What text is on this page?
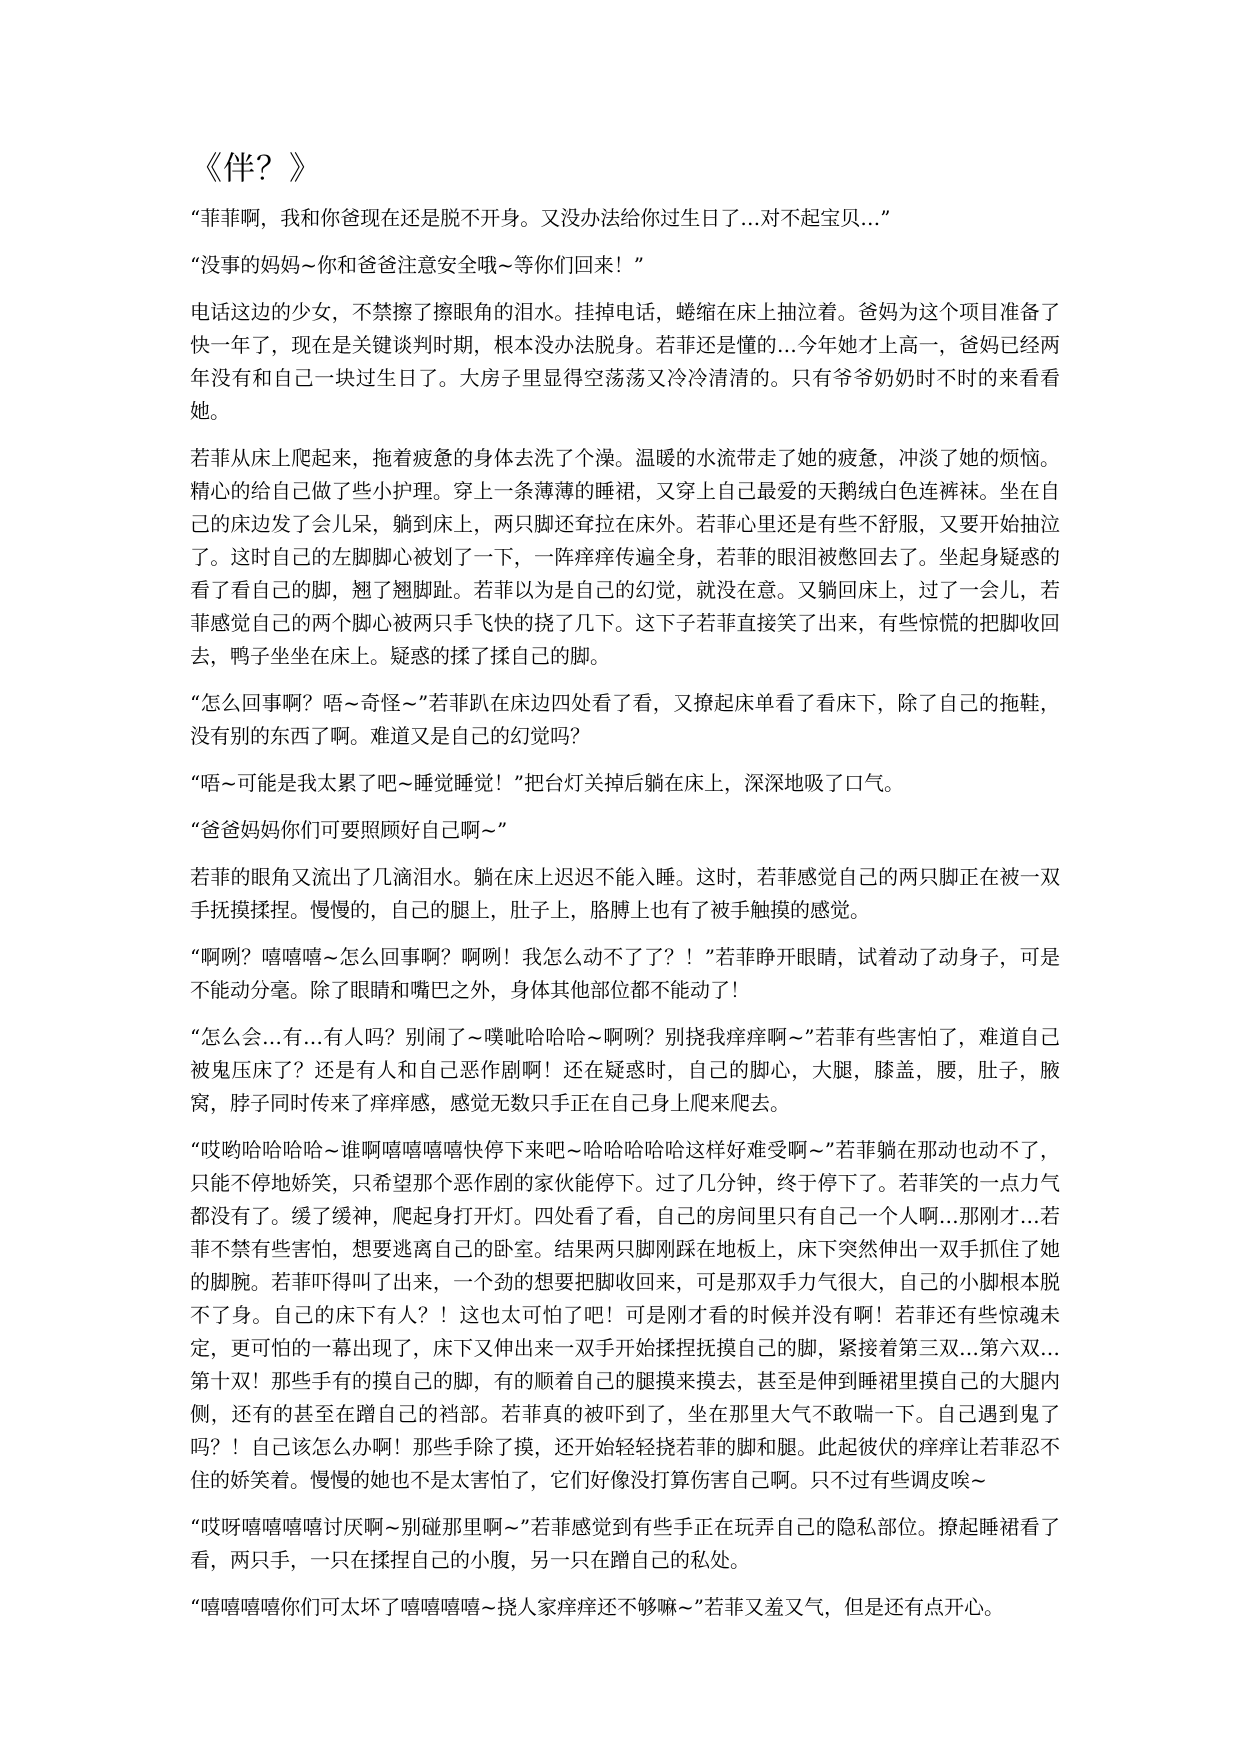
《伴？》

“菲菲啊，我和你爸现在还是脱不开身。又没办法给你过生日了…对不起宝贝…”

“没事的妈妈~你和爸爸注意安全哦~等你们回来！”

电话这边的少女，不禁擦了擦眼角的泪水。挂掉电话，蜷缩在床上抽泣着。爸妈为这个项目准备了快一年了，现在是关键谈判时期，根本没办法脱身。若菲还是懂的…今年她才上高一，爸妈已经两年没有和自己一块过生日了。大房子里显得空荡荡又冷冷清清的。只有爷爷奶奶时不时的来看看她。

若菲从床上爬起来，拖着疲惫的身体去洗了个澡。温暖的水流带走了她的疲惫，冲淡了她的烦恼。精心的给自己做了些小护理。穿上一条薄薄的睡裙，又穿上自己最爱的天鹅绒白色连裤袜。坐在自己的床边发了会儿呆，躺到床上，两只脚还耷拉在床外。若菲心里还是有些不舒服，又要开始抽泣了。这时自己的左脚脚心被划了一下，一阵痒痒传遍全身，若菲的眼泪被憋回去了。坐起身疑惑的看了看自己的脚，翘了翘脚趾。若菲以为是自己的幻觉，就没在意。又躺回床上，过了一会儿，若菲感觉自己的两个脚心被两只手飞快的挠了几下。这下子若菲直接笑了出来，有些惊慌的把脚收回去，鸭子坐坐在床上。疑惑的揉了揉自己的脚。

“怎么回事啊？唔~奇怪~”若菲趴在床边四处看了看，又撩起床单看了看床下，除了自己的拖鞋，没有别的东西了啊。难道又是自己的幻觉吗？

“唔~可能是我太累了吧~睡觉睡觉！”把台灯关掉后躺在床上，深深地吸了口气。

“爸爸妈妈你们可要照顾好自己啊~”

若菲的眼角又流出了几滴泪水。躺在床上迟迟不能入睡。这时，若菲感觉自己的两只脚正在被一双手抚摸揉捏。慢慢的，自己的腿上，肚子上，胳膊上也有了被手触摸的感觉。

“啊咧？嘻嘻嘻~怎么回事啊？啊咧！我怎么动不了了？！”若菲睁开眼睛，试着动了动身子，可是不能动分毫。除了眼睛和嘴巴之外，身体其他部位都不能动了！

“怎么会…有…有人吗？别闹了~噗呲哈哈哈~啊咧？别挠我痒痒啊~”若菲有些害怕了，难道自己被鬼压床了？还是有人和自己恶作剧啊！还在疑惑时，自己的脚心，大腿，膝盖，腰，肚子，腋窝，脖子同时传来了痒痒感，感觉无数只手正在自己身上爬来爬去。

“哎哟哈哈哈哈~谁啊嘻嘻嘻嘻快停下来吧~哈哈哈哈哈这样好难受啊~”若菲躺在那动也动不了，只能不停地娇笑，只希望那个恶作剧的家伙能停下。过了几分钟，终于停下了。若菲笑的一点力气都没有了。缓了缓神，爬起身打开灯。四处看了看，自己的房间里只有自己一个人啊…那刚才…若菲不禁有些害怕，想要逃离自己的卧室。结果两只脚刚踩在地板上，床下突然伸出一双手抓住了她的脚腕。若菲吓得叫了出来，一个劲的想要把脚收回来，可是那双手力气很大，自己的小脚根本脱不了身。自己的床下有人？！这也太可怕了吧！可是刚才看的时候并没有啊！若菲还有些惊魂未定，更可怕的一幕出现了，床下又伸出来一双手开始揉捏抚摸自己的脚，紧接着第三双…第六双…第十双！那些手有的摸自己的脚，有的顺着自己的腿摸来摸去，甚至是伸到睡裙里摸自己的大腿内侧，还有的甚至在蹭自己的裆部。若菲真的被吓到了，坐在那里大气不敢喘一下。自己遇到鬼了吗？！自己该怎么办啊！那些手除了摸，还开始轻轻挠若菲的脚和腿。此起彼伏的痒痒让若菲忍不住的娇笑着。慢慢的她也不是太害怕了，它们好像没打算伤害自己啊。只不过有些调皮唉~

“哎呀嘻嘻嘻嘻讨厌啊~别碰那里啊~”若菲感觉到有些手正在玩弄自己的隐私部位。撩起睡裙看了看，两只手，一只在揉捏自己的小腹，另一只在蹭自己的私处。

“嘻嘻嘻嘻你们可太坏了嘻嘻嘻嘻~挠人家痒痒还不够嘛~”若菲又羞又气，但是还有点开心。
